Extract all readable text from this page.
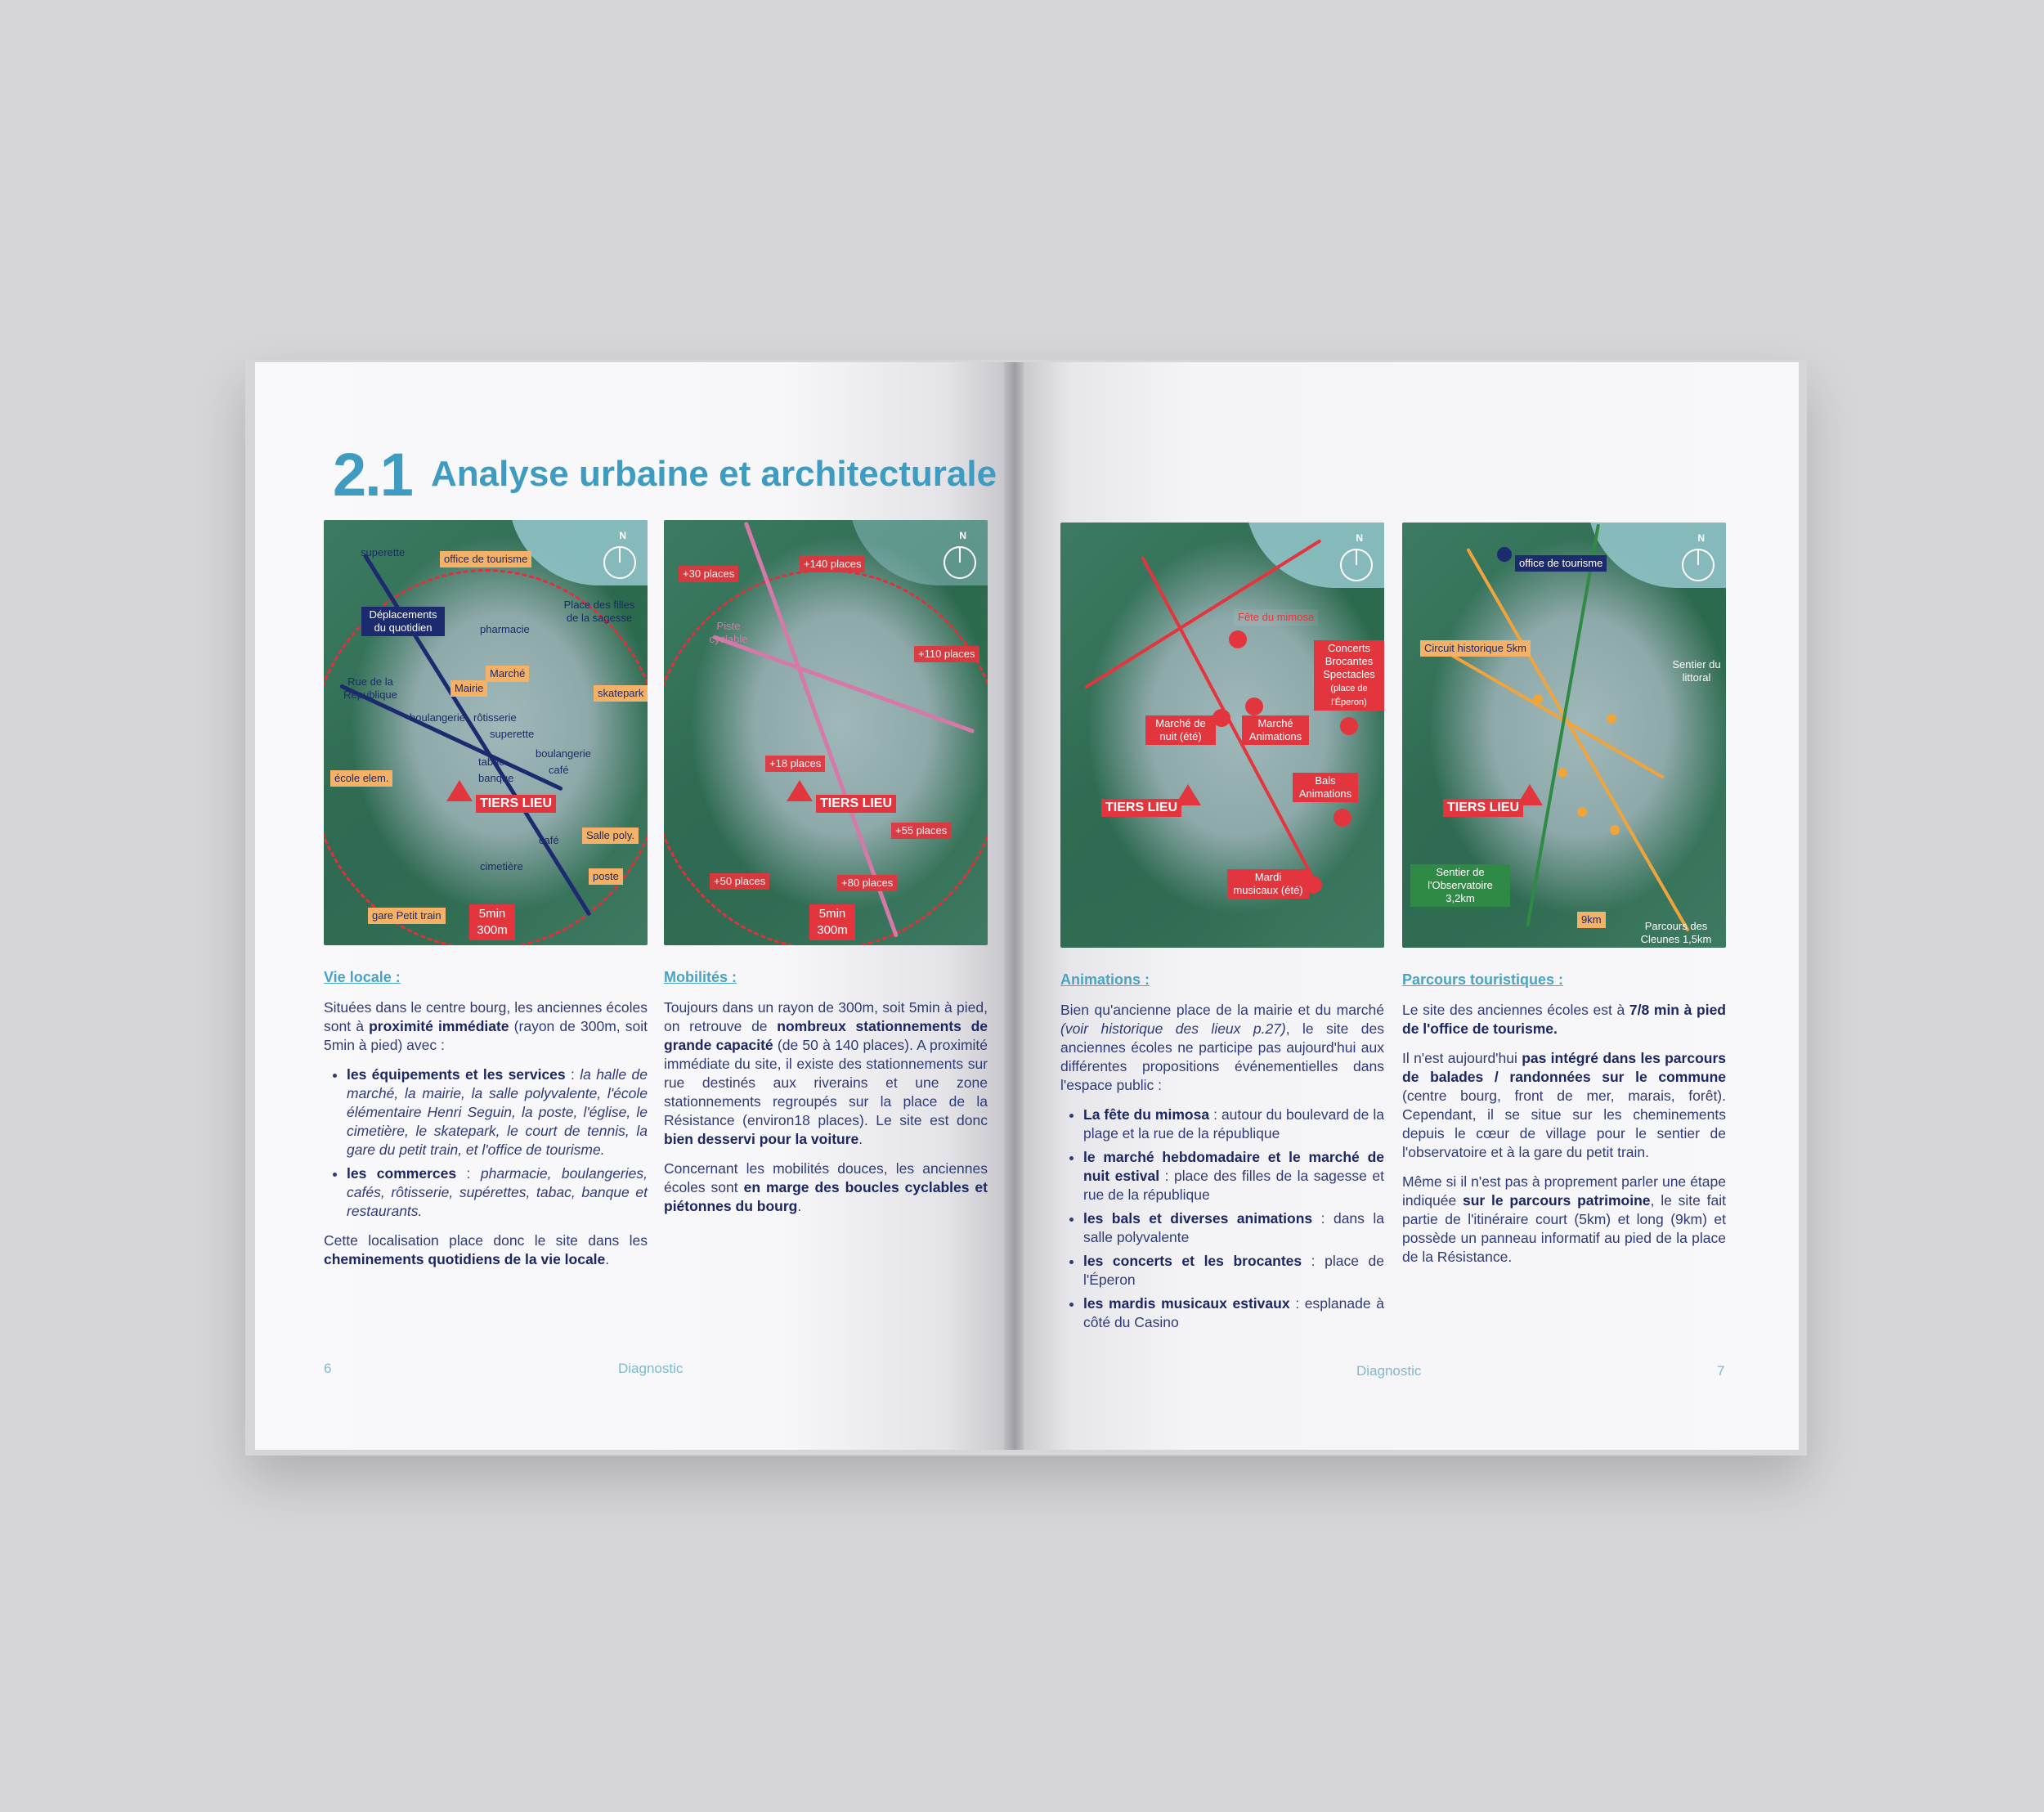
2.1 Analyse urbaine et architecturale
N
superette
office de tourisme
Déplacements du quotidien
Place des filles de la sagesse
pharmacie
Marché
Mairie
Rue de la République	skatepark
boulangerie rôtisserie
superette
boulangerie
tabac
café
banque
école elem.
TIERS LIEU
café	Salle poly.
cimetière
poste
gare Petit train	5min
300m
N
+30 places
+140 places
Piste cyclable
+110 places
+18 places
TIERS LIEU
+55 places
+50 places	+80 places
5min
300m
Vie locale :

Situées dans le centre bourg, les anciennes écoles sont à proximité immédiate (rayon de 300m, soit 5min à pied) avec :

• les équipements et les services : la halle de marché, la mairie, la salle polyvalente, l'école élémentaire Henri Seguin, la poste, l'église, le cimetière, le skatepark, le court de tennis, la gare du petit train, et l'office de tourisme.
• les commerces : pharmacie, boulangeries, cafés, rôtisserie, supérettes, tabac, banque et restaurants.

Cette localisation place donc le site dans les cheminements quotidiens de la vie locale.

Mobilités :

Toujours dans un rayon de 300m, soit 5min à pied, on retrouve de nombreux stationnements de grande capacité (de 50 à 140 places). A proximité immédiate du site, il existe des stationnements sur rue destinés aux riverains et une zone stationnements regroupés sur la place de la Résistance (environ18 places). Le site est donc bien desservi pour la voiture.

Concernant les mobilités douces, les anciennes écoles sont en marge des boucles cyclables et piétonnes du bourg.

6	Diagnostic
N
Fête du mimosa
Concerts Brocantes Spectacles
(place de l'Éperon)
Marché de nuit (été)
Marché Animations
Bals Animations
TIERS LIEU
Mardi musicaux (été)
N
office de tourisme
Circuit historique 5km
Sentier du littoral
TIERS LIEU
Sentier de l'Observatoire 3,2km
9km
Parcours des Cleunes 1,5km
Animations :

Bien qu'ancienne place de la mairie et du marché (voir historique des lieux p.27), le site des anciennes écoles ne participe pas aujourd'hui aux différentes propositions événementielles dans l'espace public :

• La fête du mimosa : autour du boulevard de la plage et la rue de la république
• le marché hebdomadaire et le marché de nuit estival : place des filles de la sagesse et rue de la république
• les bals et diverses animations : dans la salle polyvalente
• les concerts et les brocantes : place de l'Éperon
• les mardis musicaux estivaux : esplanade à côté du Casino
Parcours touristiques :

Le site des anciennes écoles est à 7/8 min à pied de l'office de tourisme.

Il n'est aujourd'hui pas intégré dans les parcours de balades / randonnées sur le commune (centre bourg, front de mer, marais, forêt). Cependant, il se situe sur les cheminements depuis le cœur de village pour le sentier de l'observatoire et à la gare du petit train.

Même si il n'est pas à proprement parler une étape indiquée sur le parcours patrimoine, le site fait partie de l'itinéraire court (5km) et long (9km) et possède un panneau informatif au pied de la place de la Résistance.

Diagnostic	7
